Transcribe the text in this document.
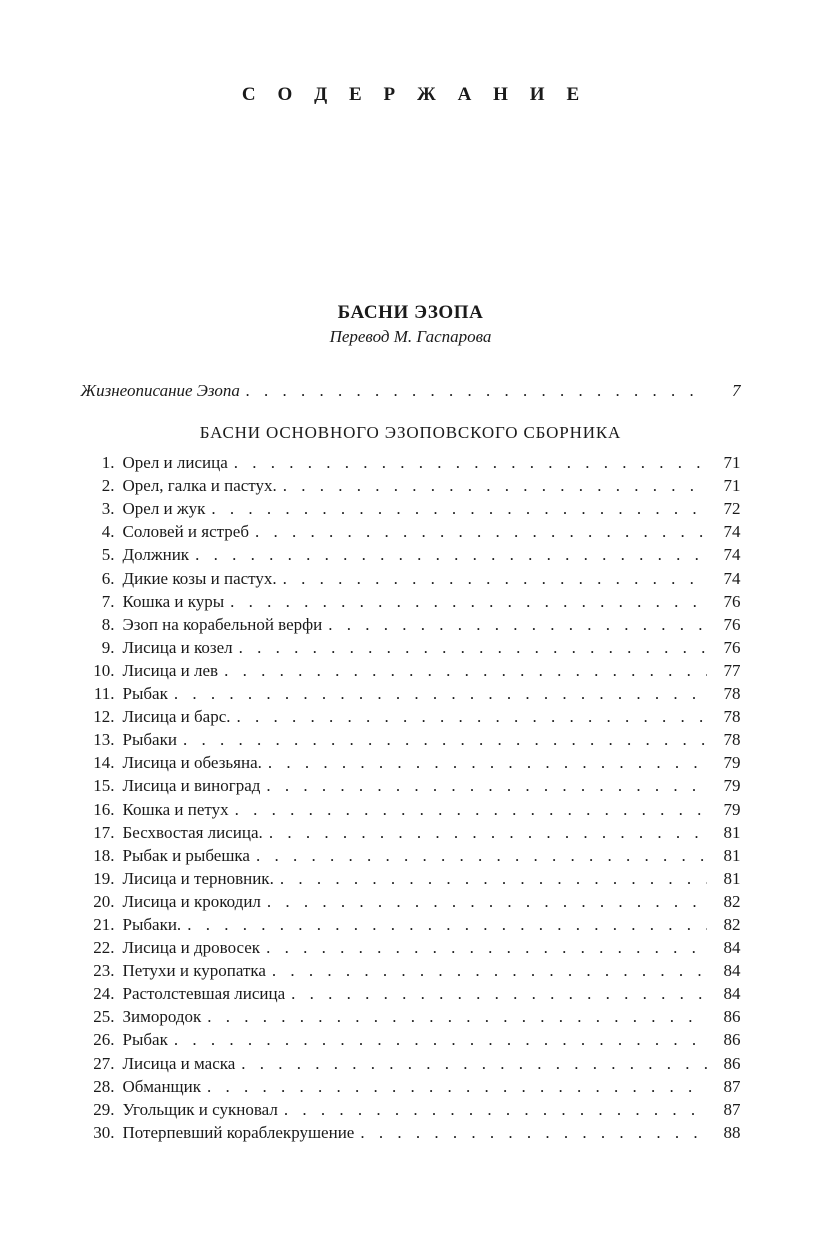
С О Д Е Р Ж А Н И Е
БАСНИ ЭЗОПА
Перевод М. Гаспарова
Жизнеописание Эзопа . . .	7
БАСНИ ОСНОВНОГО ЭЗОПОВСКОГО СБОРНИКА
1. Орел и лисица . . .	71
2. Орел, галка и пастух. . . .	71
3. Орел и жук . . .	72
4. Соловей и ястреб . . .	74
5. Должник . . .	74
6. Дикие козы и пастух. . . .	74
7. Кошка и куры . . .	76
8. Эзоп на корабельной верфи . . .	76
9. Лисица и козел . . .	76
10. Лисица и лев . . .	77
11. Рыбак . . .	78
12. Лисица и барс. . . .	78
13. Рыбаки . . .	78
14. Лисица и обезьяна. . . .	79
15. Лисица и виноград . . .	79
16. Кошка и петух . . .	79
17. Бесхвостая лисица. . . .	81
18. Рыбак и рыбешка . . .	81
19. Лисица и терновник. . . .	81
20. Лисица и крокодил . . .	82
21. Рыбаки. . . .	82
22. Лисица и дровосек . . .	84
23. Петухи и куропатка . . .	84
24. Растолстевшая лисица . . .	84
25. Зимородок . . .	86
26. Рыбак . . .	86
27. Лисица и маска . . .	86
28. Обманщик . . .	87
29. Угольщик и сукновал . . .	87
30. Потерпевший кораблекрушение . . .	88
